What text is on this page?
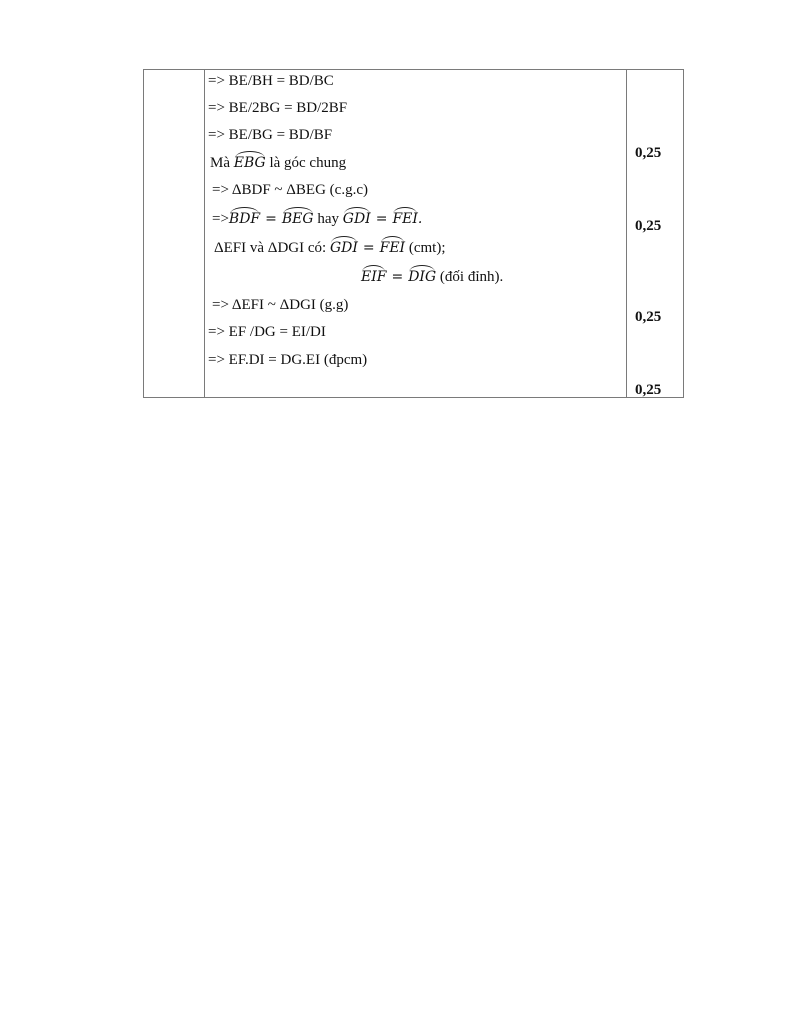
=> BE/BH = BD/BC
=> BE/2BG = BD/2BF
=> BE/BG = BD/BF
Mà EBG là góc chung
=> ΔBDF ~ ΔBEG (c.g.c)
=>BDF = BEG hay GDI = FEI.
ΔEFI và ΔDGI có: GDI = FEI (cmt);
EIF = DIG (đối đỉnh).
=> ΔEFI ~ ΔDGI (g.g)
=> EF /DG = EI/DI
=> EF.DI = DG.EI (đpcm)
0,25
0,25
0,25
0,25
